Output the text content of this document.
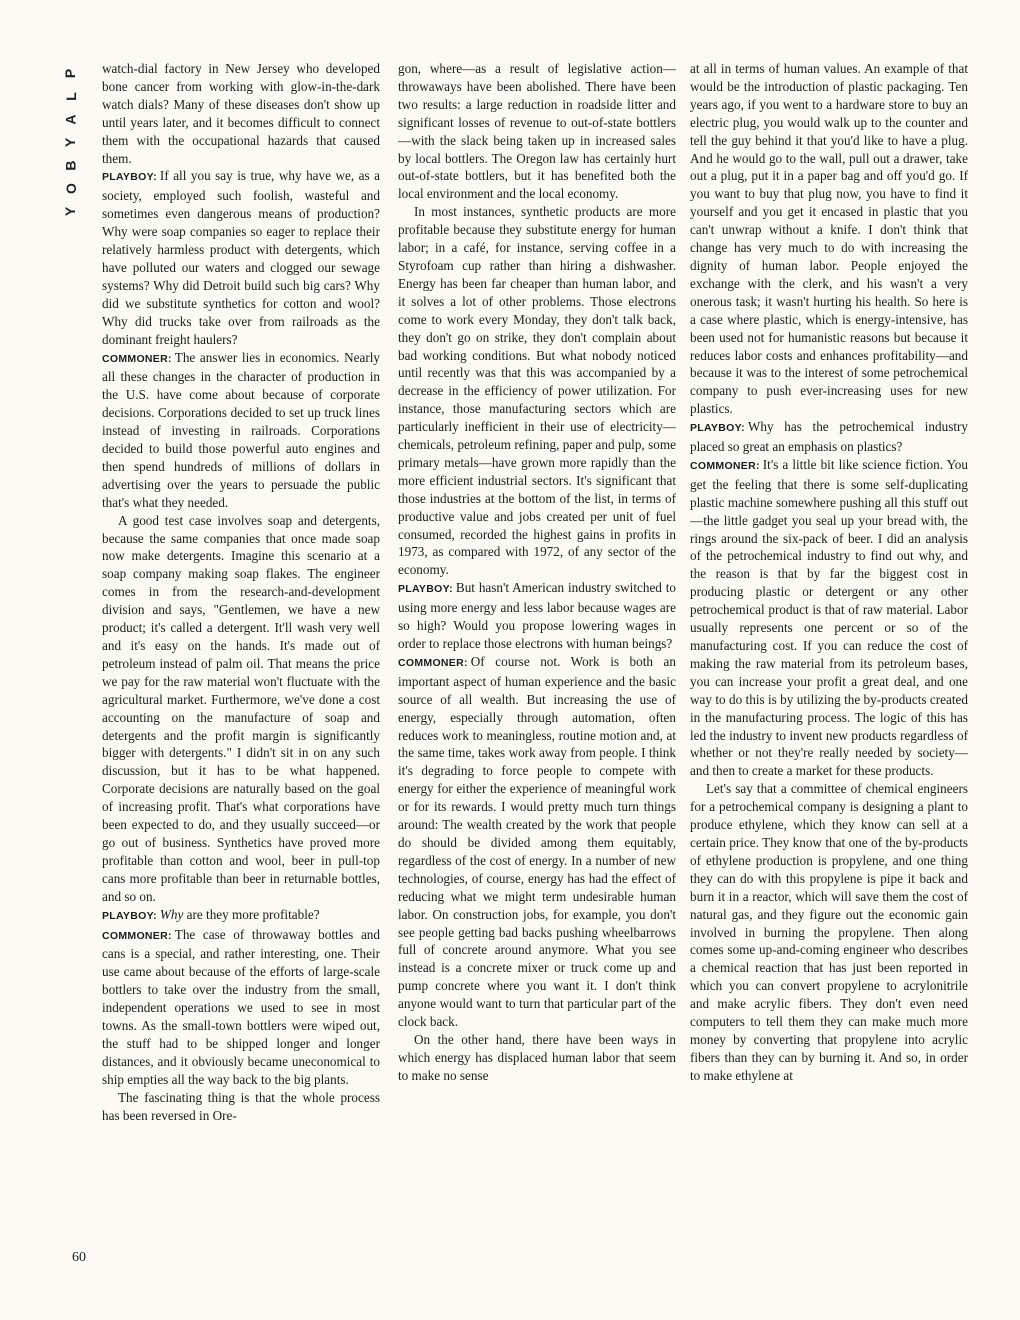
P
L
A
Y
B
O
Y
60

watch-dial factory in New Jersey who developed bone cancer from working with glow-in-the-dark watch dials? Many of these diseases don't show up until years later, and it becomes difficult to connect them with the occupational hazards that caused them.

PLAYBOY: If all you say is true, why have we, as a society, employed such foolish, wasteful and sometimes even dangerous means of production? Why were soap companies so eager to replace their relatively harmless product with detergents, which have polluted our waters and clogged our sewage systems? Why did Detroit build such big cars? Why did we substitute synthetics for cotton and wool? Why did trucks take over from railroads as the dominant freight haulers?

COMMONER: The answer lies in economics. Nearly all these changes in the character of production in the U.S. have come about because of corporate decisions. Corporations decided to set up truck lines instead of investing in railroads. Corporations decided to build those powerful auto engines and then spend hundreds of millions of dollars in advertising over the years to persuade the public that's what they needed.

A good test case involves soap and detergents, because the same companies that once made soap now make detergents. Imagine this scenario at a soap company making soap flakes. The engineer comes in from the research-and-development division and says, "Gentlemen, we have a new product; it's called a detergent. It'll wash very well and it's easy on the hands. It's made out of petroleum instead of palm oil. That means the price we pay for the raw material won't fluctuate with the agricultural market. Furthermore, we've done a cost accounting on the manufacture of soap and detergents and the profit margin is significantly bigger with detergents." I didn't sit in on any such discussion, but it has to be what happened. Corporate decisions are naturally based on the goal of increasing profit. That's what corporations have been expected to do, and they usually succeed—or go out of business. Synthetics have proved more profitable than cotton and wool, beer in pull-top cans more profitable than beer in returnable bottles, and so on.

PLAYBOY: Why are they more profitable?

COMMONER: The case of throwaway bottles and cans is a special, and rather interesting, one. Their use came about because of the efforts of large-scale bottlers to take over the industry from the small, independent operations we used to see in most towns. As the small-town bottlers were wiped out, the stuff had to be shipped longer and longer distances, and it obviously became uneconomical to ship empties all the way back to the big plants.

The fascinating thing is that the whole process has been reversed in Ore-

gon, where—as a result of legislative action—throwaways have been abolished. There have been two results: a large reduction in roadside litter and significant losses of revenue to out-of-state bottlers—with the slack being taken up in increased sales by local bottlers. The Oregon law has certainly hurt out-of-state bottlers, but it has benefited both the local environment and the local economy.

In most instances, synthetic products are more profitable because they substitute energy for human labor; in a café, for instance, serving coffee in a Styrofoam cup rather than hiring a dishwasher. Energy has been far cheaper than human labor, and it solves a lot of other problems. Those electrons come to work every Monday, they don't talk back, they don't go on strike, they don't complain about bad working conditions. But what nobody noticed until recently was that this was accompanied by a decrease in the efficiency of power utilization. For instance, those manufacturing sectors which are particularly inefficient in their use of electricity—chemicals, petroleum refining, paper and pulp, some primary metals—have grown more rapidly than the more efficient industrial sectors. It's significant that those industries at the bottom of the list, in terms of productive value and jobs created per unit of fuel consumed, recorded the highest gains in profits in 1973, as compared with 1972, of any sector of the economy.

PLAYBOY: But hasn't American industry switched to using more energy and less labor because wages are so high? Would you propose lowering wages in order to replace those electrons with human beings?

COMMONER: Of course not. Work is both an important aspect of human experience and the basic source of all wealth. But increasing the use of energy, especially through automation, often reduces work to meaningless, routine motion and, at the same time, takes work away from people. I think it's degrading to force people to compete with energy for either the experience of meaningful work or for its rewards. I would pretty much turn things around: The wealth created by the work that people do should be divided among them equitably, regardless of the cost of energy. In a number of new technologies, of course, energy has had the effect of reducing what we might term undesirable human labor. On construction jobs, for example, you don't see people getting bad backs pushing wheelbarrows full of concrete around anymore. What you see instead is a concrete mixer or truck come up and pump concrete where you want it. I don't think anyone would want to turn that particular part of the clock back.

On the other hand, there have been ways in which energy has displaced human labor that seem to make no sense

at all in terms of human values. An example of that would be the introduction of plastic packaging. Ten years ago, if you went to a hardware store to buy an electric plug, you would walk up to the counter and tell the guy behind it that you'd like to have a plug. And he would go to the wall, pull out a drawer, take out a plug, put it in a paper bag and off you'd go. If you want to buy that plug now, you have to find it yourself and you get it encased in plastic that you can't unwrap without a knife. I don't think that change has very much to do with increasing the dignity of human labor. People enjoyed the exchange with the clerk, and his wasn't a very onerous task; it wasn't hurting his health. So here is a case where plastic, which is energy-intensive, has been used not for humanistic reasons but because it reduces labor costs and enhances profitability—and because it was to the interest of some petrochemical company to push ever-increasing uses for new plastics.

PLAYBOY: Why has the petrochemical industry placed so great an emphasis on plastics?

COMMONER: It's a little bit like science fiction. You get the feeling that there is some self-duplicating plastic machine somewhere pushing all this stuff out—the little gadget you seal up your bread with, the rings around the six-pack of beer. I did an analysis of the petrochemical industry to find out why, and the reason is that by far the biggest cost in producing plastic or detergent or any other petrochemical product is that of raw material. Labor usually represents one percent or so of the manufacturing cost. If you can reduce the cost of making the raw material from its petroleum bases, you can increase your profit a great deal, and one way to do this is by utilizing the by-products created in the manufacturing process. The logic of this has led the industry to invent new products regardless of whether or not they're really needed by society—and then to create a market for these products.

Let's say that a committee of chemical engineers for a petrochemical company is designing a plant to produce ethylene, which they know can sell at a certain price. They know that one of the by-products of ethylene production is propylene, and one thing they can do with this propylene is pipe it back and burn it in a reactor, which will save them the cost of natural gas, and they figure out the economic gain involved in burning the propylene. Then along comes some up-and-coming engineer who describes a chemical reaction that has just been reported in which you can convert propylene to acrylonitrile and make acrylic fibers. They don't even need computers to tell them they can make much more money by converting that propylene into acrylic fibers than they can by burning it. And so, in order to make ethylene at
